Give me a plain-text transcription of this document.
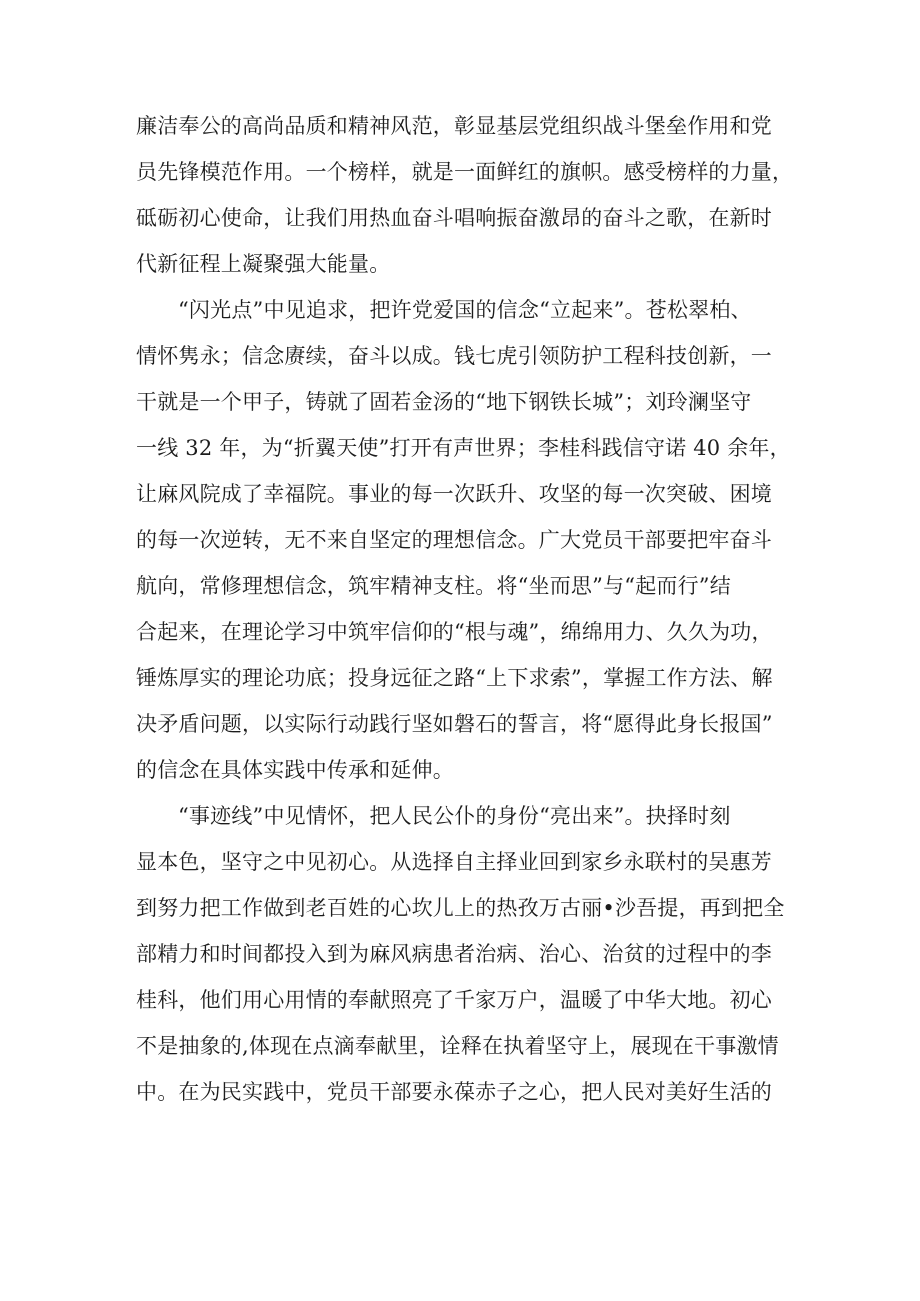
廉洁奉公的高尚品质和精神风范，彰显基层党组织战斗堡垒作用和党
员先锋模范作用。一个榜样，就是一面鲜红的旗帜。感受榜样的力量，
砥砺初心使命，让我们用热血奋斗唱响振奋激昂的奋斗之歌，在新时
代新征程上凝聚强大能量。
“闪光点”中见追求，把许党爱国的信念“立起来”。苍松翠柏、
情怀隽永；信念赓续，奋斗以成。钱七虎引领防护工程科技创新，一
干就是一个甲子，铸就了固若金汤的“地下钢铁长城”；刘玲澜坚守
一线 32 年，为“折翼天使”打开有声世界；李桂科践信守诺 40 余年，
让麻风院成了幸福院。事业的每一次跃升、攻坚的每一次突破、困境
的每一次逆转，无不来自坚定的理想信念。广大党员干部要把牢奋斗
航向，常修理想信念，筑牢精神支柱。将“坐而思”与“起而行”结
合起来，在理论学习中筑牢信仰的“根与魂”，绵绵用力、久久为功，
锤炼厚实的理论功底；投身远征之路“上下求索”，掌握工作方法、解
决矛盾问题，以实际行动践行坚如磐石的誓言，将“愿得此身长报国”
的信念在具体实践中传承和延伸。
“事迹线”中见情怀，把人民公仆的身份“亮出来”。抉择时刻
显本色，坚守之中见初心。从选择自主择业回到家乡永联村的吴惠芳
到努力把工作做到老百姓的心坎儿上的热孜万古丽•沙吾提，再到把全
部精力和时间都投入到为麻风病患者治病、治心、治贫的过程中的李
桂科，他们用心用情的奉献照亮了千家万户，温暖了中华大地。初心
不是抽象的,体现在点滴奉献里，诠释在执着坚守上，展现在干事激情
中。在为民实践中，党员干部要永葆赤子之心，把人民对美好生活的
